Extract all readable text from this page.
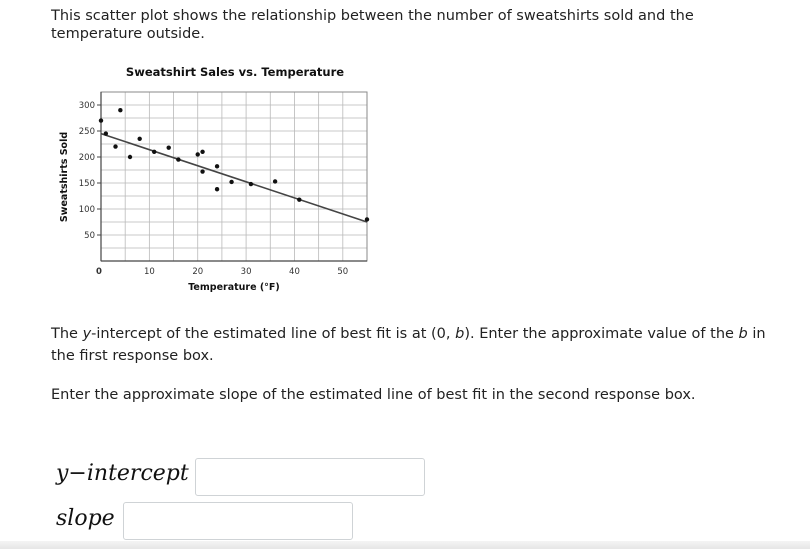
This scatter plot shows the relationship between the number of sweatshirts sold and the temperature outside.
Sweatshirt Sales vs. Temperature
50
100
150
200
250
300
0	10	20	30	40	50
Temperature (°F)
Sweatshirts Sold
The y-intercept of the estimated line of best fit is at (0, b). Enter the approximate value of the b in the first response box.
Enter the approximate slope of the estimated line of best fit in the second response box.
y−intercept
slope
